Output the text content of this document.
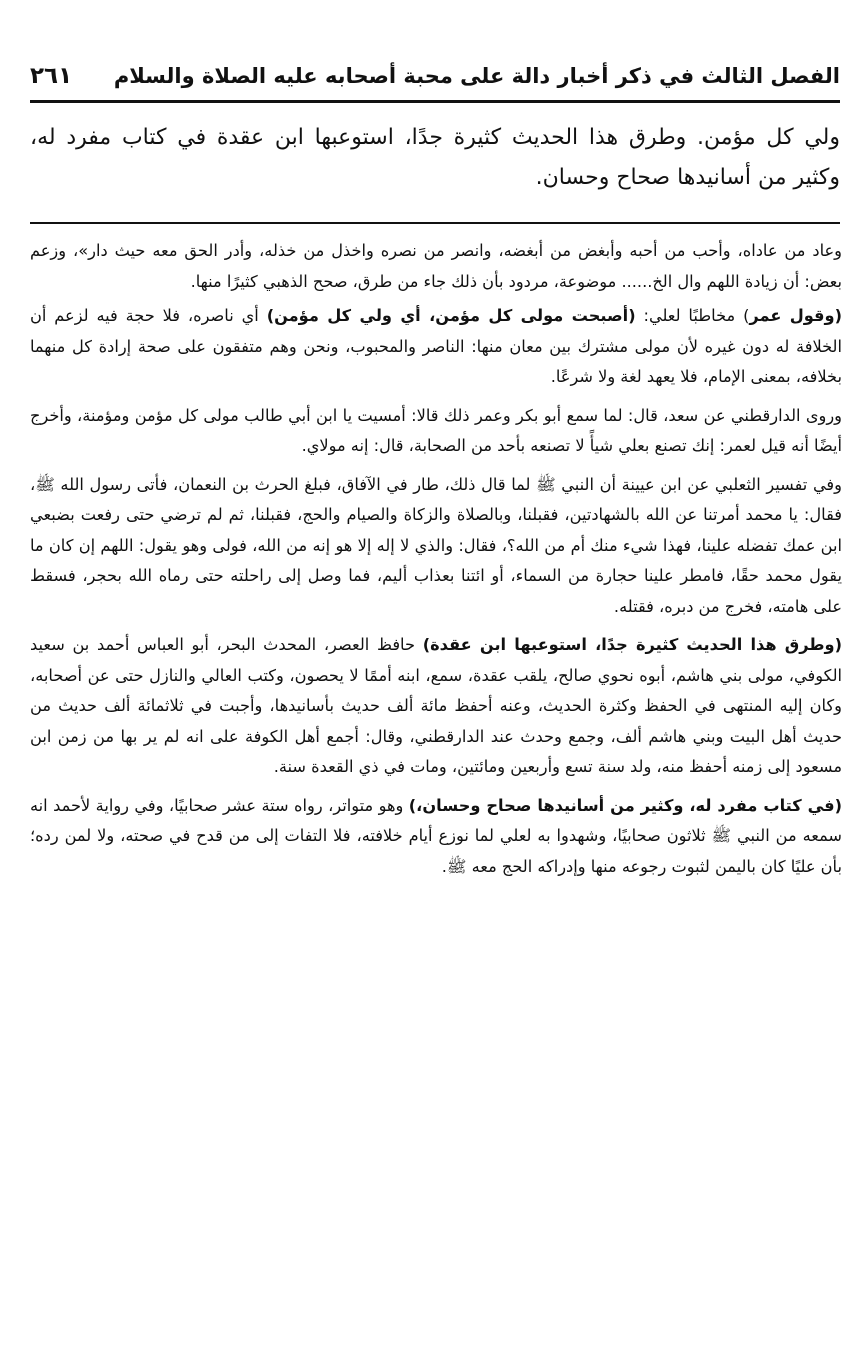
الفصل الثالث في ذكر أخبار دالة على محبة أصحابه عليه الصلاة والسلام
٢٦١
ولي كل مؤمن. وطرق هذا الحديث كثيرة جدًا، استوعبها ابن عقدة في كتاب مفرد له، وكثير من أسانيدها صحاح وحسان.

وعاد من عاداه، وأحب من أحبه وأبغض من أبغضه، وانصر من نصره واخذل من خذله، وأدر الحق معه حيث دار»، وزعم بعض: أن زيادة اللهم وال الخ...... موضوعة، مردود بأن ذلك جاء من طرق، صحح الذهبي كثيرًا منها.

(وقول عمر) مخاطبًا لعلي: (أصبحت مولى كل مؤمن، أي ولي كل مؤمن) أي ناصره، فلا حجة فيه لزعم أن الخلافة له دون غيره لأن مولى مشترك بين معان منها: الناصر والمحبوب، ونحن وهم متفقون على صحة إرادة كل منهما بخلافه، بمعنى الإمام، فلا يعهد لغة ولا شرعًا.

وروى الدارقطني عن سعد، قال: لما سمع أبو بكر وعمر ذلك قالا: أمسيت يا ابن أبي طالب مولى كل مؤمن ومؤمنة، وأخرج أيضًا أنه قيل لعمر: إنك تصنع بعلي شيأً لا تصنعه بأحد من الصحابة، قال: إنه مولاي.

وفي تفسير الثعلبي عن ابن عيينة أن النبي ﷺ لما قال ذلك، طار في الآفاق، فبلغ الحرث بن النعمان، فأتى رسول الله ﷺ، فقال: يا محمد أمرتنا عن الله بالشهادتين، فقبلنا، وبالصلاة والزكاة والصيام والحج، فقبلنا، ثم لم ترضي حتى رفعت بضبعي ابن عمك تفضله علينا، فهذا شيء منك أم من الله؟، فقال: والذي لا إله إلا هو إنه من الله، فولى وهو يقول: اللهم إن كان ما يقول محمد حقًا، فامطر علينا حجارة من السماء، أو ائتنا بعذاب أليم، فما وصل إلى راحلته حتى رماه الله بحجر، فسقط على هامته، فخرج من دبره، فقتله.

(وطرق هذا الحديث كثيرة جدًا، استوعبها ابن عقدة) حافظ العصر، المحدث البحر، أبو العباس أحمد بن سعيد الكوفي، مولى بني هاشم، أبوه نحوي صالح، يلقب عقدة، سمع، ابنه أممًا لا يحصون، وكتب العالي والنازل حتى عن أصحابه، وكان إليه المنتهى في الحفظ وكثرة الحديث، وعنه أحفظ مائة ألف حديث بأسانيدها، وأجبت في ثلاثمائة ألف حديث من حديث أهل البيت وبني هاشم ألف، وجمع وحدث عند الدارقطني، وقال: أجمع أهل الكوفة على انه لم ير بها من زمن ابن مسعود إلى زمنه أحفظ منه، ولد سنة تسع وأربعين ومائتين، ومات في ذي القعدة سنة.

(في كتاب مفرد له، وكثير من أسانيدها صحاح وحسان،) وهو متواتر، رواه ستة عشر صحابيًا، وفي رواية لأحمد انه سمعه من النبي ﷺ ثلاثون صحابيًا، وشهدوا به لعلي لما نوزع أيام خلافته، فلا التفات إلى من قدح في صحته، ولا لمن رده؛ بأن عليًا كان باليمن لثبوت رجوعه منها وإدراكه الحج معه ﷺ.
